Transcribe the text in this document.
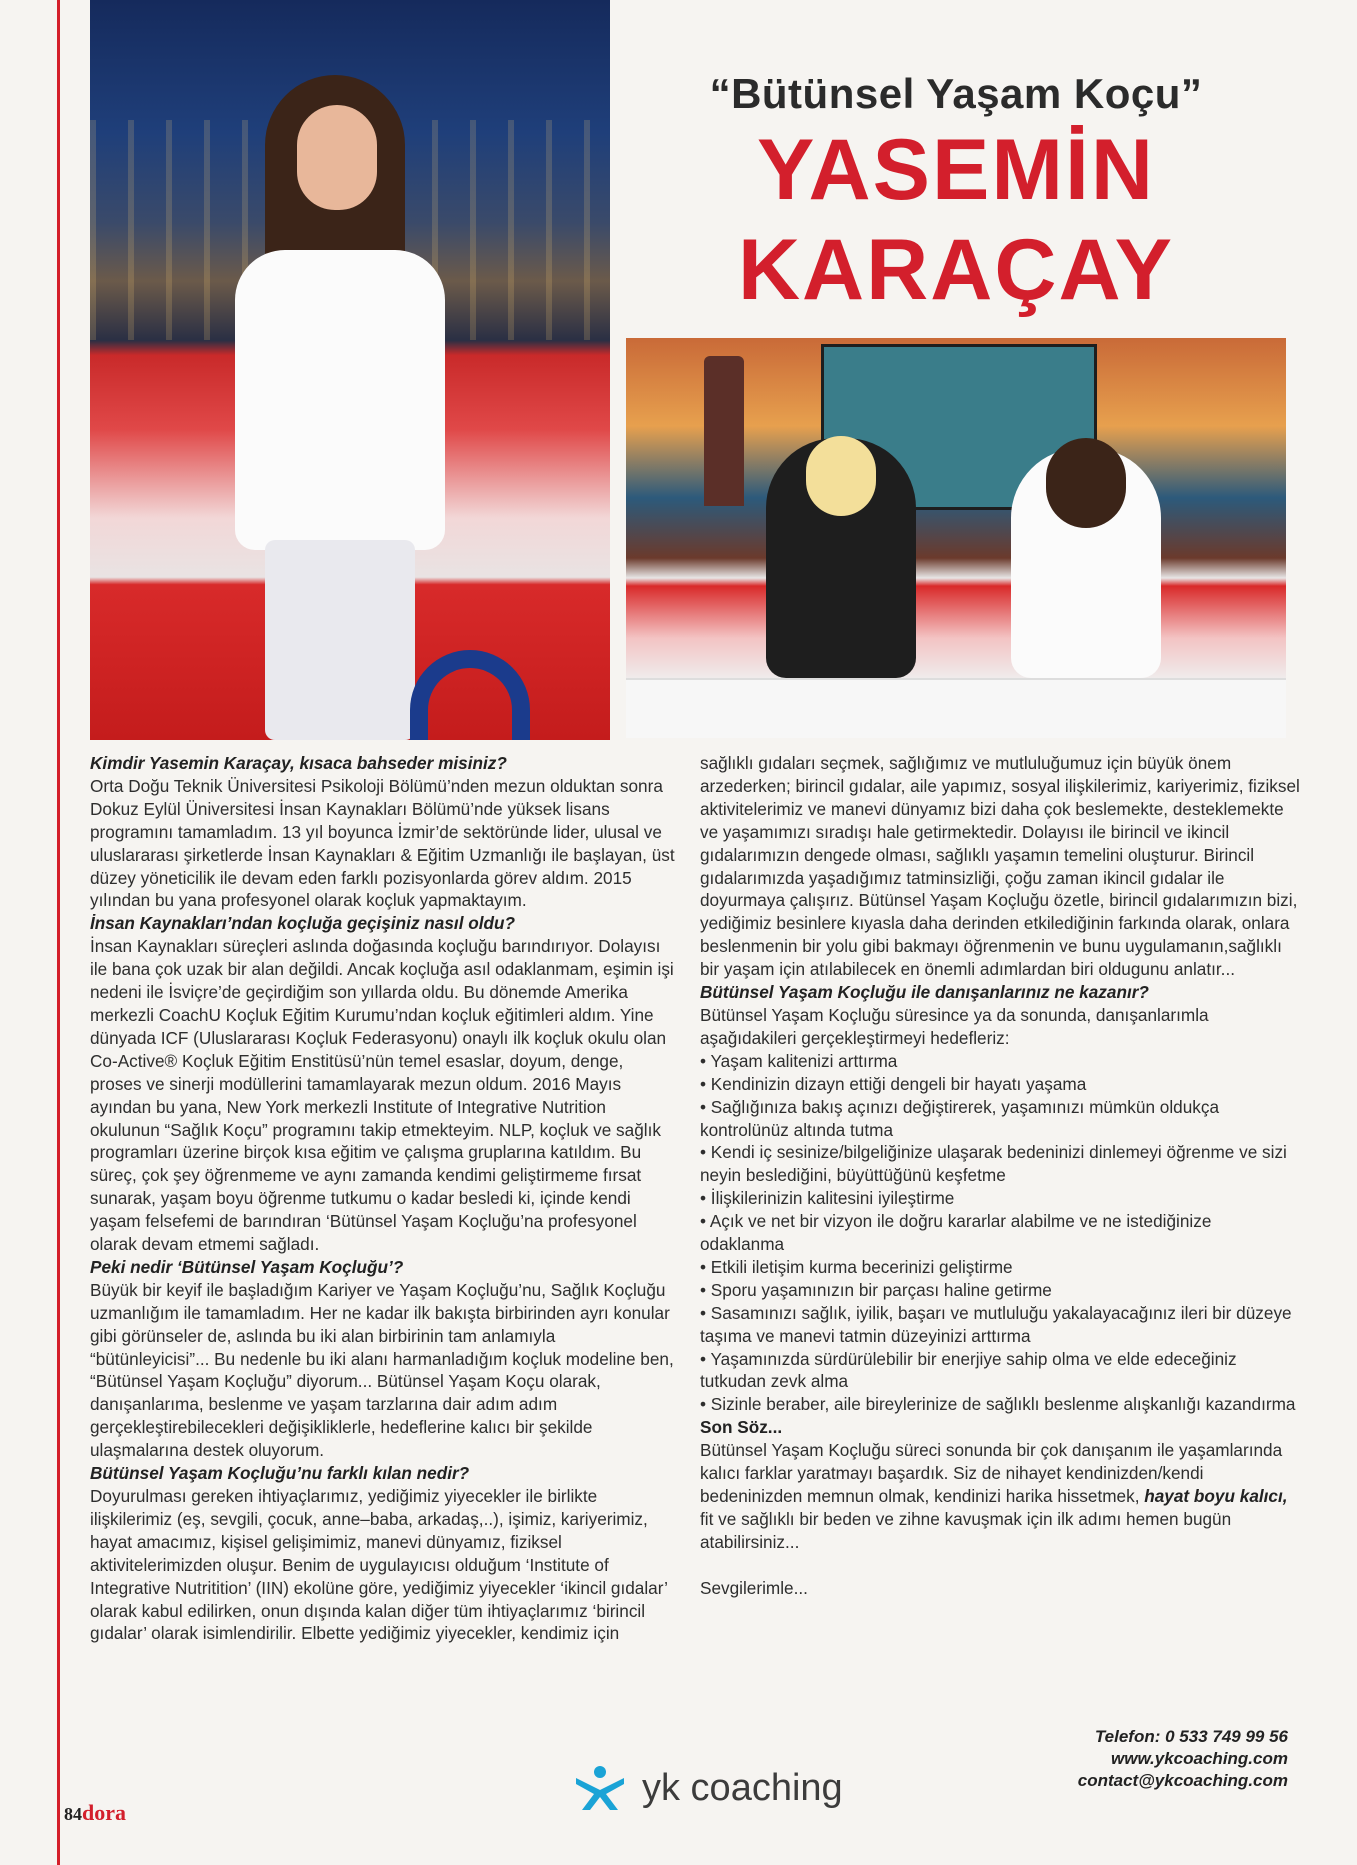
“Bütünsel Yaşam Koçu”
YASEMİN
KARAÇAY

Kimdir Yasemin Karaçay, kısaca bahseder misiniz?

Orta Doğu Teknik Üniversitesi Psikoloji Bölümü’nden mezun olduktan sonra Dokuz Eylül Üniversitesi İnsan Kaynakları Bölümü’nde yüksek lisans programını tamamladım. 13 yıl boyunca İzmir’de sektöründe lider, ulusal ve uluslararası şirketlerde İnsan Kaynakları & Eğitim Uzmanlığı ile başlayan, üst düzey yöneticilik ile devam eden farklı pozisyonlarda görev aldım. 2015 yılından bu yana profesyonel olarak koçluk yapmaktayım.

İnsan Kaynakları’ndan koçluğa geçişiniz nasıl oldu?

İnsan Kaynakları süreçleri aslında doğasında koçluğu barındırıyor. Dolayısı ile bana çok uzak bir alan değildi. Ancak koçluğa asıl odaklanmam, eşimin işi nedeni ile İsviçre’de geçirdiğim son yıllarda oldu. Bu dönemde Amerika merkezli CoachU Koçluk Eğitim Kurumu’ndan koçluk eğitimleri aldım. Yine dünyada ICF (Uluslararası Koçluk Federasyonu) onaylı ilk koçluk okulu olan Co-Active® Koçluk Eğitim Enstitüsü’nün temel esaslar, doyum, denge, proses ve sinerji modüllerini tamamlayarak mezun oldum. 2016 Mayıs ayından bu yana, New York merkezli Institute of Integrative Nutrition okulunun “Sağlık Koçu” programını takip etmekteyim. NLP, koçluk ve sağlık programları üzerine birçok kısa eğitim ve çalışma gruplarına katıldım. Bu süreç, çok şey öğrenmeme ve aynı zamanda kendimi geliştirmeme fırsat sunarak, yaşam boyu öğrenme tutkumu o kadar besledi ki, içinde kendi yaşam felsefemi de barındıran ‘Bütünsel Yaşam Koçluğu’na profesyonel olarak devam etmemi sağladı.

Peki nedir ‘Bütünsel Yaşam Koçluğu’?

Büyük bir keyif ile başladığım Kariyer ve Yaşam Koçluğu’nu, Sağlık Koçluğu uzmanlığım ile tamamladım. Her ne kadar ilk bakışta birbirinden ayrı konular gibi görünseler de, aslında bu iki alan birbirinin tam anlamıyla “bütünleyicisi”... Bu nedenle bu iki alanı harmanladığım koçluk modeline ben, “Bütünsel Yaşam Koçluğu” diyorum... Bütünsel Yaşam Koçu olarak, danışanlarıma, beslenme ve yaşam tarzlarına dair adım adım gerçekleştirebilecekleri değişikliklerle, hedeflerine kalıcı bir şekilde ulaşmalarına destek oluyorum.

Bütünsel Yaşam Koçluğu’nu farklı kılan nedir?

Doyurulması gereken ihtiyaçlarımız, yediğimiz yiyecekler ile birlikte ilişkilerimiz (eş, sevgili, çocuk, anne–baba, arkadaş,..), işimiz, kariyerimiz, hayat amacımız, kişisel gelişimimiz, manevi dünyamız, fiziksel aktivitelerimizden oluşur. Benim de uygulayıcısı olduğum ‘Institute of Integrative Nutritition’ (IIN) ekolüne göre, yediğimiz yiyecekler ‘ikincil gıdalar’ olarak kabul edilirken, onun dışında kalan diğer tüm ihtiyaçlarımız ‘birincil gıdalar’ olarak isimlendirilir. Elbette yediğimiz yiyecekler, kendimiz için

sağlıklı gıdaları seçmek, sağlığımız ve mutluluğumuz için büyük önem arzederken; birincil gıdalar, aile yapımız, sosyal ilişkilerimiz, kariyerimiz, fiziksel aktivitelerimiz ve manevi dünyamız bizi daha çok beslemekte, desteklemekte ve yaşamımızı sıradışı hale getirmektedir. Dolayısı ile birincil ve ikincil gıdalarımızın dengede olması, sağlıklı yaşamın temelini oluşturur. Birincil gıdalarımızda yaşadığımız tatminsizliği, çoğu zaman ikincil gıdalar ile doyurmaya çalışırız. Bütünsel Yaşam Koçluğu özetle, birincil gıdalarımızın bizi, yediğimiz besinlere kıyasla daha derinden etkilediğinin farkında olarak, onlara beslenmenin bir yolu gibi bakmayı öğrenmenin ve bunu uygulamanın,sağlıklı bir yaşam için atılabilecek en önemli adımlardan biri oldugunu anlatır...

Bütünsel Yaşam Koçluğu ile danışanlarınız ne kazanır?

Bütünsel Yaşam Koçluğu süresince ya da sonunda, danışanlarımla aşağıdakileri gerçekleştirmeyi hedefleriz:

• Yaşam kalitenizi arttırma

• Kendinizin dizayn ettiği dengeli bir hayatı yaşama

• Sağlığınıza bakış açınızı değiştirerek, yaşamınızı mümkün oldukça kontrolünüz altında tutma

• Kendi iç sesinize/bilgeliğinize ulaşarak bedeninizi dinlemeyi öğrenme ve sizi neyin beslediğini, büyüttüğünü keşfetme

• İlişkilerinizin kalitesini iyileştirme

• Açık ve net bir vizyon ile doğru kararlar alabilme ve ne istediğinize odaklanma

• Etkili iletişim kurma becerinizi geliştirme

• Sporu yaşamınızın bir parçası haline getirme

• Sasamınızı sağlık, iyilik, başarı ve mutluluğu yakalayacağınız ileri bir düzeye taşıma ve manevi tatmin düzeyinizi arttırma

• Yaşamınızda sürdürülebilir bir enerjiye sahip olma ve elde edeceğiniz tutkudan zevk alma

• Sizinle beraber, aile bireylerinize de sağlıklı beslenme alışkanlığı kazandırma

Son Söz...

Bütünsel Yaşam Koçluğu süreci sonunda bir çok danışanım ile yaşamlarında kalıcı farklar yaratmayı başardık. Siz de nihayet kendinizden/kendi bedeninizden memnun olmak, kendinizi harika hissetmek, hayat boyu kalıcı, fit ve sağlıklı bir beden ve zihne kavuşmak için ilk adımı hemen bugün atabilirsiniz...

Sevgilerimle...

Telefon: 0 533 749 99 56
www.ykcoaching.com
contact@ykcoaching.com
yk coaching
84dora
